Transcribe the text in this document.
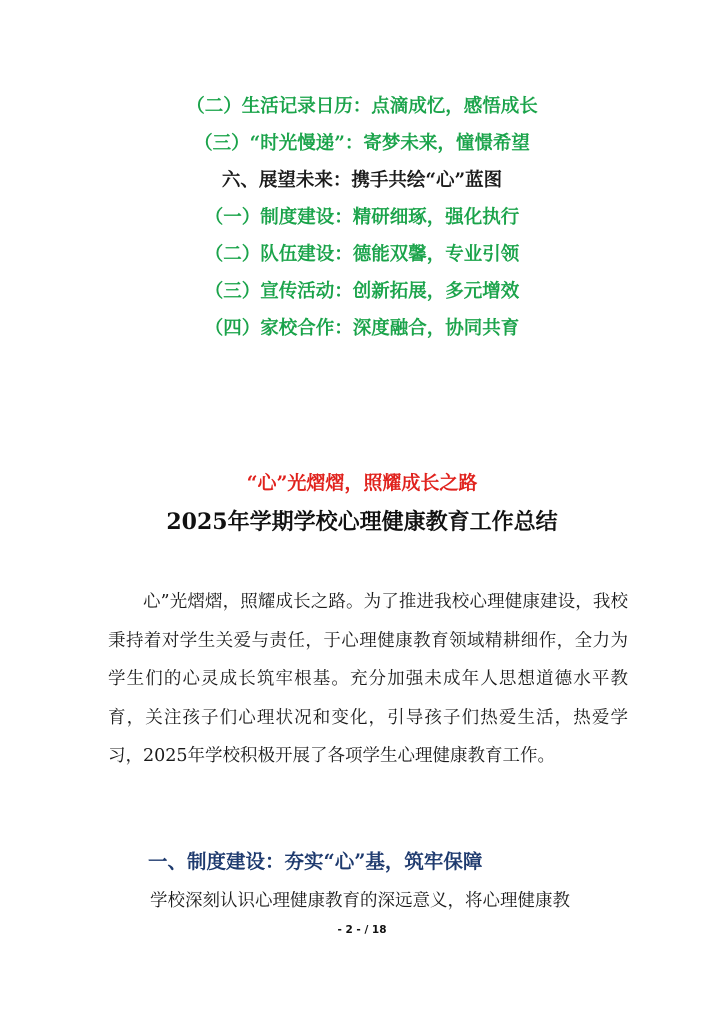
（二）生活记录日历：点滴成忆，感悟成长
（三）“时光慢递”：寄梦未来，憧憬希望
六、展望未来：携手共绘“心”蓝图
（一）制度建设：精研细琢，强化执行
（二）队伍建设：德能双馨，专业引领
（三）宣传活动：创新拓展，多元增效
（四）家校合作：深度融合，协同共育
“心”光熠熠，照耀成长之路
2025年学期学校心理健康教育工作总结

心”光熠熠，照耀成长之路。为了推进我校心理健康建设，我校秉持着对学生关爱与责任，于心理健康教育领域精耕细作，全力为学生们的心灵成长筑牢根基。充分加强未成年人思想道德水平教育，关注孩子们心理状况和变化，引导孩子们热爱生活，热爱学习，2025年学校积极开展了各项学生心理健康教育工作。

一、制度建设：夯实“心”基，筑牢保障
学校深刻认识心理健康教育的深远意义，将心理健康教
- 2 - / 18
